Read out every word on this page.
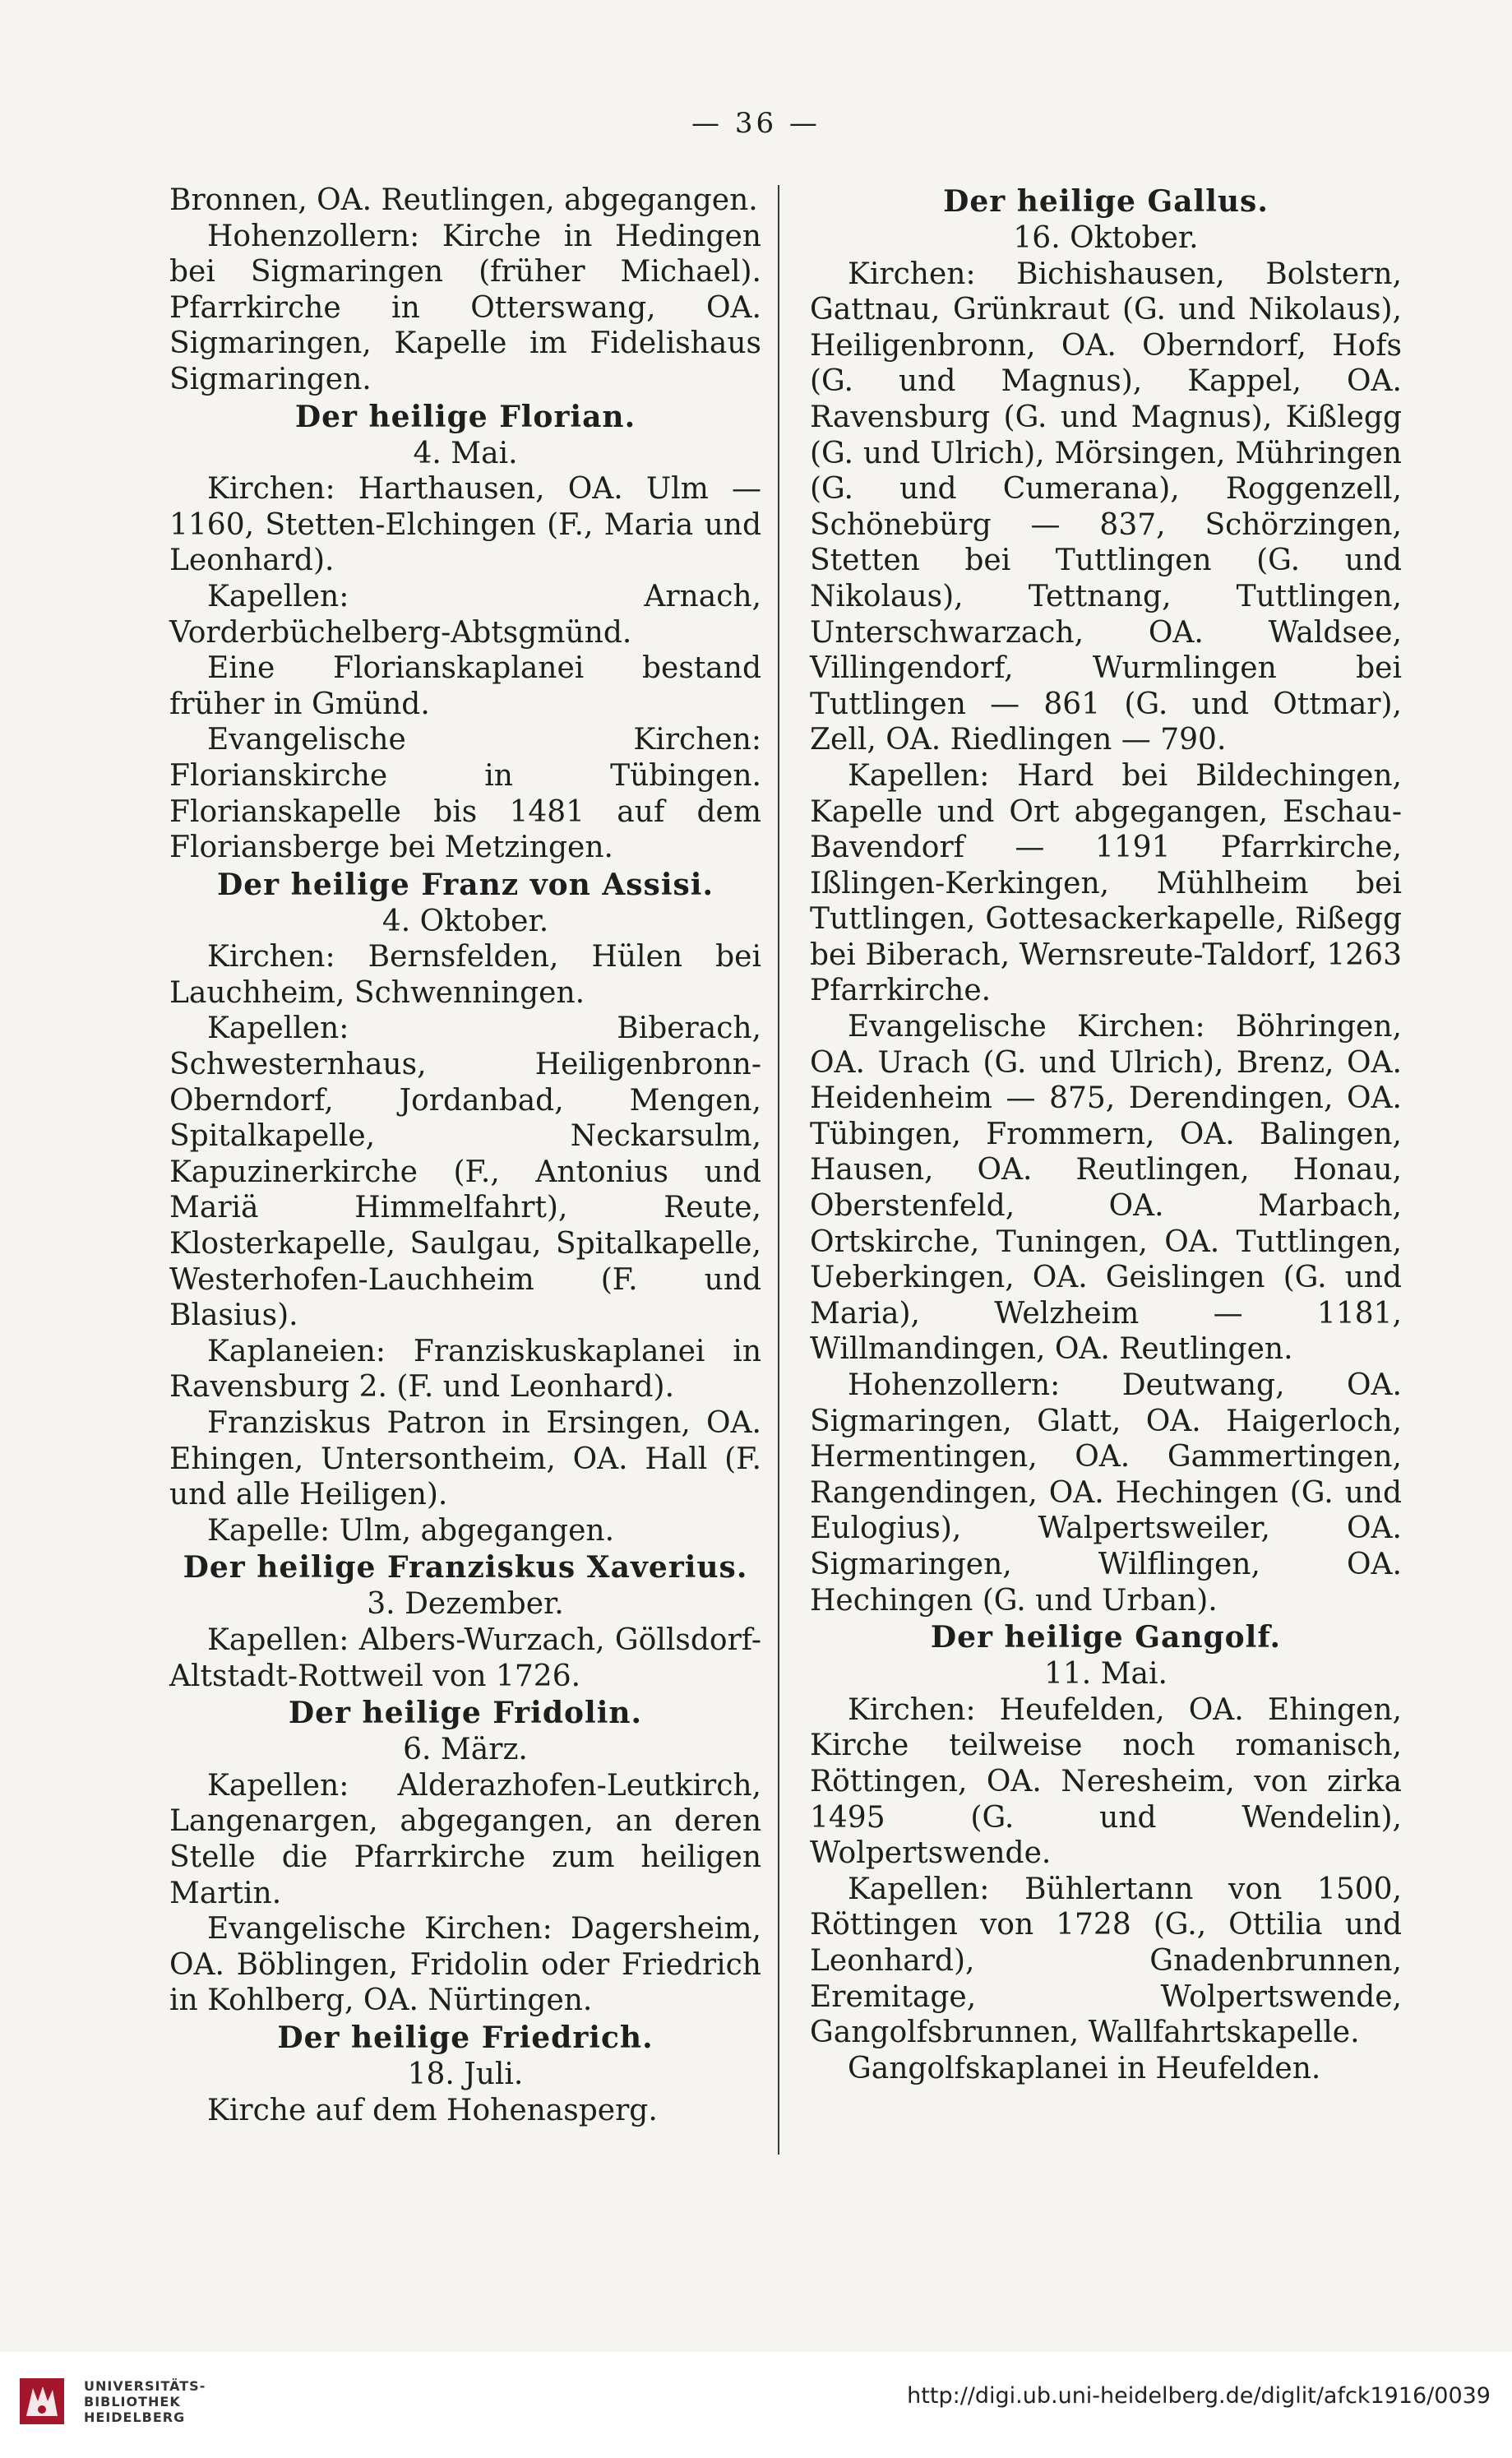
— 36 —

Bronnen, OA. Reutlingen, abgegangen.

Hohenzollern: Kirche in Hedingen bei Sigmaringen (früher Michael). Pfarrkirche in Otterswang, OA. Sigmaringen, Kapelle im Fidelishaus Sigmaringen.

Der heilige Florian.

4. Mai.

Kirchen: Harthausen, OA. Ulm — 1160, Stetten-Elchingen (F., Maria und Leonhard).

Kapellen: Arnach, Vorderbüchelberg-Abtsgmünd.

Eine Florianskaplanei bestand früher in Gmünd.

Evangelische Kirchen: Florianskirche in Tübingen. Florianskapelle bis 1481 auf dem Floriansberge bei Metzingen.

Der heilige Franz von Assisi.

4. Oktober.

Kirchen: Bernsfelden, Hülen bei Lauchheim, Schwenningen.

Kapellen: Biberach, Schwesternhaus, Heiligenbronn-Oberndorf, Jordanbad, Mengen, Spitalkapelle, Neckarsulm, Kapuzinerkirche (F., Antonius und Mariä Himmelfahrt), Reute, Klosterkapelle, Saulgau, Spitalkapelle, Westerhofen-Lauchheim (F. und Blasius).

Kaplaneien: Franziskuskaplanei in Ravensburg 2. (F. und Leonhard).

Franziskus Patron in Ersingen, OA. Ehingen, Untersontheim, OA. Hall (F. und alle Heiligen).

Kapelle: Ulm, abgegangen.

Der heilige Franziskus Xaverius.

3. Dezember.

Kapellen: Albers-Wurzach, Göllsdorf-Altstadt-Rottweil von 1726.

Der heilige Fridolin.

6. März.

Kapellen: Alderazhofen-Leutkirch, Langenargen, abgegangen, an deren Stelle die Pfarrkirche zum heiligen Martin.

Evangelische Kirchen: Dagersheim, OA. Böblingen, Fridolin oder Friedrich in Kohlberg, OA. Nürtingen.

Der heilige Friedrich.

18. Juli.

Kirche auf dem Hohenasperg.

Der heilige Gallus.

16. Oktober.

Kirchen: Bichishausen, Bolstern, Gattnau, Grünkraut (G. und Nikolaus), Heiligenbronn, OA. Oberndorf, Hofs (G. und Magnus), Kappel, OA. Ravensburg (G. und Magnus), Kißlegg (G. und Ulrich), Mörsingen, Mühringen (G. und Cumerana), Roggenzell, Schönebürg — 837, Schörzingen, Stetten bei Tuttlingen (G. und Nikolaus), Tettnang, Tuttlingen, Unterschwarzach, OA. Waldsee, Villingendorf, Wurmlingen bei Tuttlingen — 861 (G. und Ottmar), Zell, OA. Riedlingen — 790.

Kapellen: Hard bei Bildechingen, Kapelle und Ort abgegangen, Eschau-Bavendorf — 1191 Pfarrkirche, Ißlingen-Kerkingen, Mühlheim bei Tuttlingen, Gottesackerkapelle, Rißegg bei Biberach, Wernsreute-Taldorf, 1263 Pfarrkirche.

Evangelische Kirchen: Böhringen, OA. Urach (G. und Ulrich), Brenz, OA. Heidenheim — 875, Derendingen, OA. Tübingen, Frommern, OA. Balingen, Hausen, OA. Reutlingen, Honau, Oberstenfeld, OA. Marbach, Ortskirche, Tuningen, OA. Tuttlingen, Ueberkingen, OA. Geislingen (G. und Maria), Welzheim — 1181, Willmandingen, OA. Reutlingen.

Hohenzollern: Deutwang, OA. Sigmaringen, Glatt, OA. Haigerloch, Hermentingen, OA. Gammertingen, Rangendingen, OA. Hechingen (G. und Eulogius), Walpertsweiler, OA. Sigmaringen, Wilflingen, OA. Hechingen (G. und Urban).

Der heilige Gangolf.

11. Mai.

Kirchen: Heufelden, OA. Ehingen, Kirche teilweise noch romanisch, Röttingen, OA. Neresheim, von zirka 1495 (G. und Wendelin), Wolpertswende.

Kapellen: Bühlertann von 1500, Röttingen von 1728 (G., Ottilia und Leonhard), Gnadenbrunnen, Eremitage, Wolpertswende, Gangolfsbrunnen, Wallfahrtskapelle.

Gangolfskaplanei in Heufelden.

UNIVERSITÄTS-
BIBLIOTHEK
HEIDELBERG
http://digi.ub.uni-heidelberg.de/diglit/afck1916/0039
